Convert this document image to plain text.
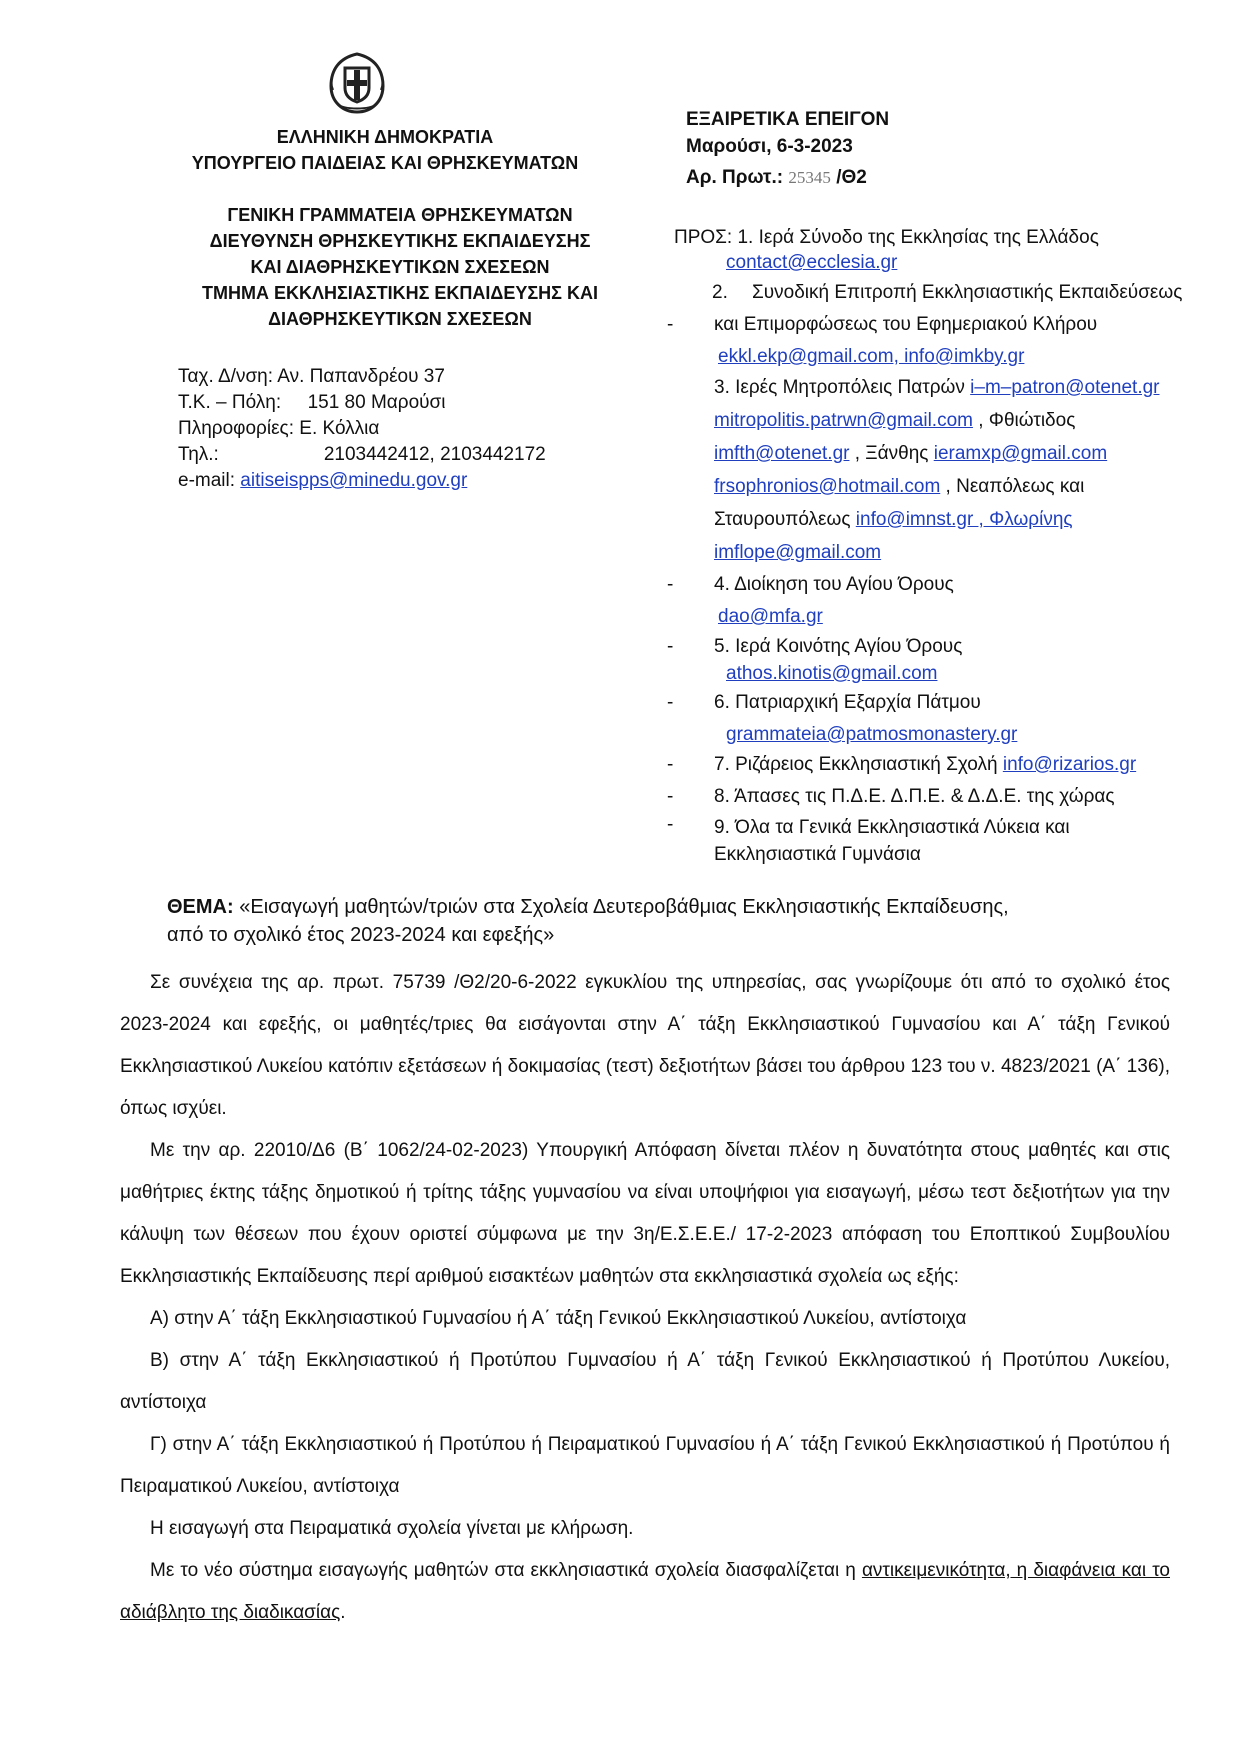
ΕΛΛΗΝΙΚΗ ΔΗΜΟΚΡΑΤΙΑ
ΥΠΟΥΡΓΕΙΟ ΠΑΙΔΕΙΑΣ ΚΑΙ ΘΡΗΣΚΕΥΜΑΤΩΝ
ΓΕΝΙΚΗ ΓΡΑΜΜΑΤΕΙΑ ΘΡΗΣΚΕΥΜΑΤΩΝ
ΔΙΕΥΘΥΝΣΗ ΘΡΗΣΚΕΥΤΙΚΗΣ ΕΚΠΑΙΔΕΥΣΗΣ
ΚΑΙ ΔΙΑΘΡΗΣΚΕΥΤΙΚΩΝ ΣΧΕΣΕΩΝ
ΤΜΗΜΑ ΕΚΚΛΗΣΙΑΣΤΙΚΗΣ ΕΚΠΑΙΔΕΥΣΗΣ ΚΑΙ
ΔΙΑΘΡΗΣΚΕΥΤΙΚΩΝ ΣΧΕΣΕΩΝ
Ταχ. Δ/νση: Αν. Παπανδρέου 37
Τ.Κ. – Πόλη: 151 80 Μαρούσι
Πληροφορίες: Ε. Κόλλια
Τηλ.:	2103442412, 2103442172
e-mail: aitiseispps@minedu.gov.gr
ΕΞΑΙΡΕΤΙΚΑ ΕΠΕΙΓΟΝ
Μαρούσι, 6-3-2023
Αρ. Πρωτ.: 25345 /Θ2
ΠΡΟΣ: 1. Ιερά Σύνοδο της Εκκλησίας της Ελλάδος
contact@ecclesia.gr
2. Συνοδική Επιτροπή Εκκλησιαστικής Εκπαιδεύσεως
- και Επιμορφώσεως του Εφημεριακού Κλήρου
ekkl.ekp@gmail.com, info@imkby.gr
3. Ιερές Μητροπόλεις Πατρών i–m–patron@otenet.gr
mitropolitis.patrwn@gmail.com , Φθιώτιδος
imfth@otenet.gr , Ξάνθης ieramxp@gmail.com
frsophronios@hotmail.com , Νεαπόλεως και
Σταυρουπόλεως info@imnst.gr , Φλωρίνης
imflope@gmail.com
- 4. Διοίκηση του Αγίου Όρους
dao@mfa.gr
- 5. Ιερά Κοινότης Αγίου Όρους
athos.kinotis@gmail.com
- 6. Πατριαρχική Εξαρχία Πάτμου
grammateia@patmosmonastery.gr
- 7. Ριζάρειος Εκκλησιαστική Σχολή info@rizarios.gr
- 8. Άπασες τις Π.Δ.Ε. Δ.Π.Ε. & Δ.Δ.Ε. της χώρας
- 9. Όλα τα Γενικά Εκκλησιαστικά Λύκεια και
Εκκλησιαστικά Γυμνάσια
ΘΕΜΑ: «Εισαγωγή μαθητών/τριών στα Σχολεία Δευτεροβάθμιας Εκκλησιαστικής Εκπαίδευσης,
από το σχολικό έτος 2023-2024 και εφεξής»

Σε συνέχεια της αρ. πρωτ. 75739 /Θ2/20-6-2022 εγκυκλίου της υπηρεσίας, σας γνωρίζουμε ότι από το σχολικό έτος 2023-2024 και εφεξής, οι μαθητές/τριες θα εισάγονται στην Α΄ τάξη Εκκλησιαστικού Γυμνασίου και Α΄ τάξη Γενικού Εκκλησιαστικού Λυκείου κατόπιν εξετάσεων ή δοκιμασίας (τεστ) δεξιοτήτων βάσει του άρθρου 123 του ν. 4823/2021 (Α΄ 136), όπως ισχύει.

Με την αρ. 22010/Δ6 (Β΄ 1062/24-02-2023) Υπουργική Απόφαση δίνεται πλέον η δυνατότητα στους μαθητές και στις μαθήτριες έκτης τάξης δημοτικού ή τρίτης τάξης γυμνασίου να είναι υποψήφιοι για εισαγωγή, μέσω τεστ δεξιοτήτων για την κάλυψη των θέσεων που έχουν οριστεί σύμφωνα με την 3η/Ε.Σ.Ε.Ε./ 17-2-2023 απόφαση του Εποπτικού Συμβουλίου Εκκλησιαστικής Εκπαίδευσης περί αριθμού εισακτέων μαθητών στα εκκλησιαστικά σχολεία ως εξής:

Α) στην Α΄ τάξη Εκκλησιαστικού Γυμνασίου ή Α΄ τάξη Γενικού Εκκλησιαστικού Λυκείου, αντίστοιχα

Β) στην Α΄ τάξη Εκκλησιαστικού ή Προτύπου Γυμνασίου ή Α΄ τάξη Γενικού Εκκλησιαστικού ή Προτύπου Λυκείου, αντίστοιχα

Γ) στην Α΄ τάξη Εκκλησιαστικού ή Προτύπου ή Πειραματικού Γυμνασίου ή Α΄ τάξη Γενικού Εκκλησιαστικού ή Προτύπου ή Πειραματικού Λυκείου, αντίστοιχα

Η εισαγωγή στα Πειραματικά σχολεία γίνεται με κλήρωση.

Με το νέο σύστημα εισαγωγής μαθητών στα εκκλησιαστικά σχολεία διασφαλίζεται η αντικειμενικότητα, η διαφάνεια και το αδιάβλητο της διαδικασίας.
